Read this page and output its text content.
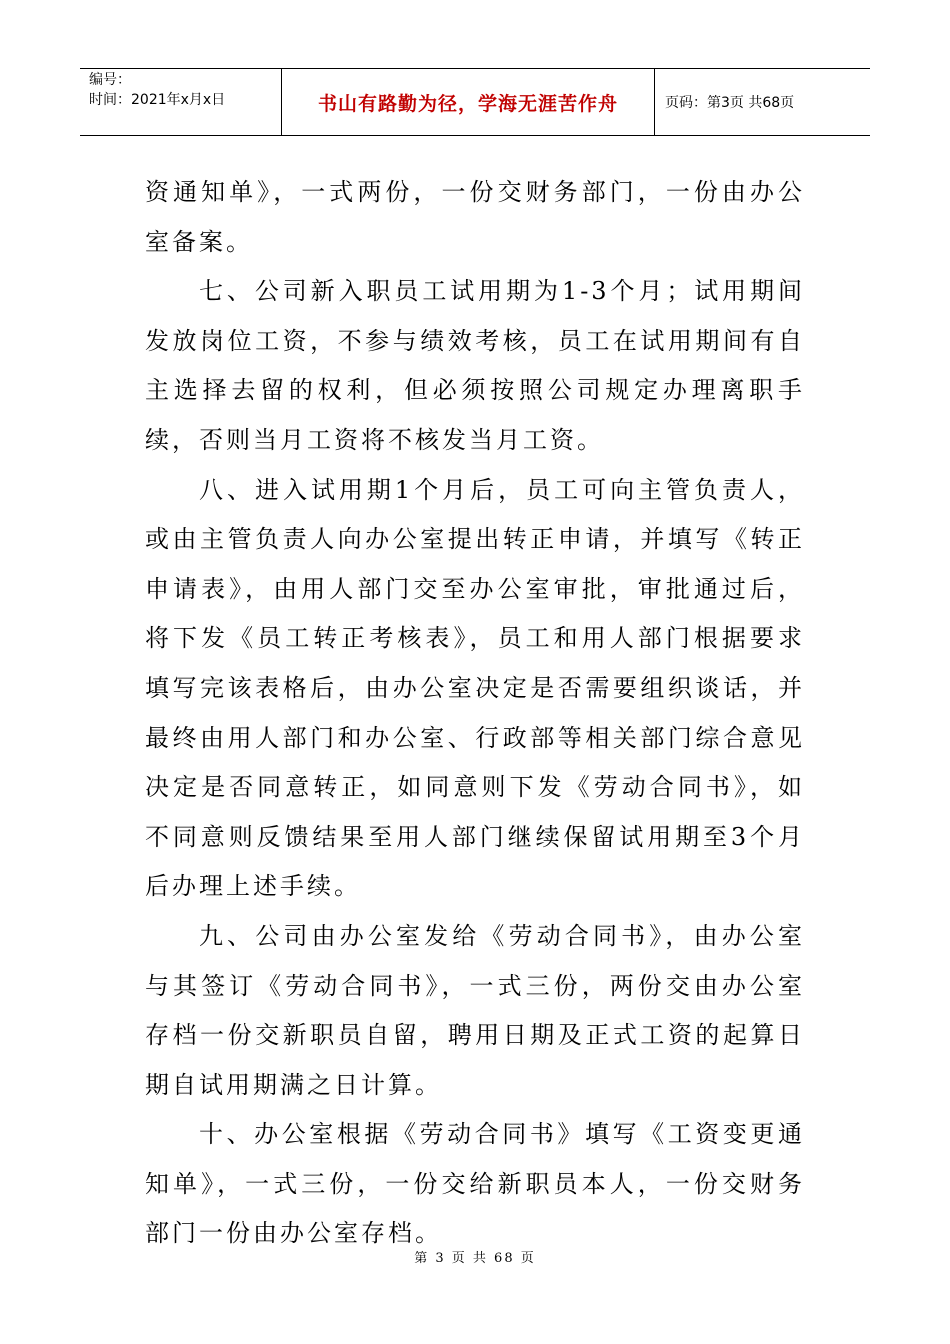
编号：
时间：2021年x月x日	书山有路勤为径，学海无涯苦作舟	页码：第3页 共68页

资通知单》，一式两份，一份交财务部门，一份由办公室备案。

七、公司新入职员工试用期为1-3个月；试用期间发放岗位工资，不参与绩效考核，员工在试用期间有自主选择去留的权利，但必须按照公司规定办理离职手续，否则当月工资将不核发当月工资。

八、进入试用期1个月后，员工可向主管负责人，或由主管负责人向办公室提出转正申请，并填写《转正申请表》，由用人部门交至办公室审批，审批通过后，将下发《员工转正考核表》，员工和用人部门根据要求填写完该表格后，由办公室决定是否需要组织谈话，并最终由用人部门和办公室、行政部等相关部门综合意见决定是否同意转正，如同意则下发《劳动合同书》，如不同意则反馈结果至用人部门继续保留试用期至3个月后办理上述手续。

九、公司由办公室发给《劳动合同书》，由办公室与其签订《劳动合同书》，一式三份，两份交由办公室存档一份交新职员自留，聘用日期及正式工资的起算日期自试用期满之日计算。

十、办公室根据《劳动合同书》填写《工资变更通知单》，一式三份，一份交给新职员本人，一份交财务部门一份由办公室存档。

第 3 页 共 68 页
